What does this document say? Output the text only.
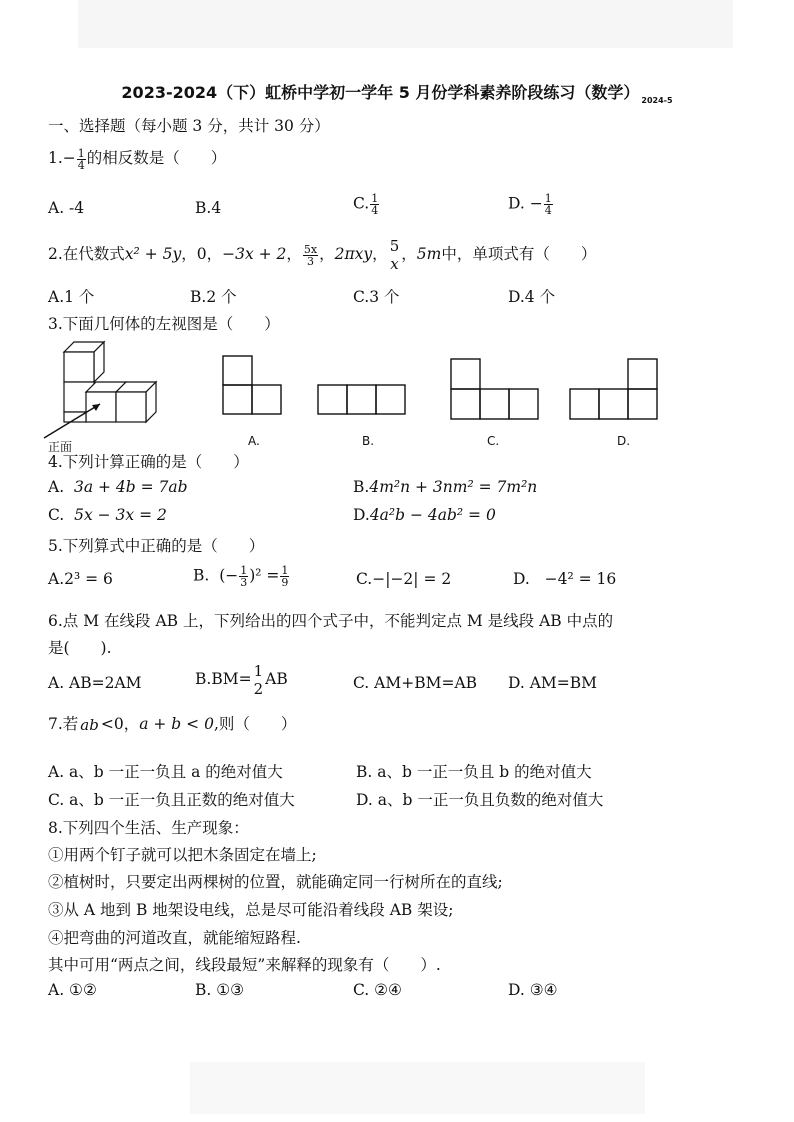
2023-2024（下）虹桥中学初一学年 5 月份学科素养阶段练习（数学） $_{2024-5}$
一、选择题（每小题 3 分，共计 30 分）
$1.- \frac{1}{4}$ 的相反数是（　　）
A. -4	B.4	C. $\frac{1}{4}$	D. − $\frac{1}{4}$
2.在代数式x² + 5y，0，−3x + 2， $\frac{5x}{3}$ ，2πxy， 5
x，5m中，单项式有（　　）
A.1 个	B.2 个	C.3 个	D.4 个
3.下面几何体的左视图是（　　）
正面	A.	B.	C.	D.
4.下列计算正确的是（　　）
A. 3a + 4b = 7ab	B.4m²n + 3nm² = 7m²n
C. 5x − 3x = 2	D.4a²b − 4ab² = 0
5.下列算式中正确的是（　　）
A.2³ = 6	B. (− $\frac{1}{3} )^2 = \frac{1}{9}$	C.−|−2| = 2	D. −4² = 16
6.点 M 在线段 AB 上，下列给出的四个式子中，不能判定点 M 是线段 AB 中点的
是(　　).
A. AB=2AM	B.BM= 1
2
AB	C. AM+BM=AB D. AM=BM
7.若 ab <0，a + b < 0,则（　　）
A. a、b 一正一负且 a 的绝对值大	B. a、b 一正一负且 b 的绝对值大
C. a、b 一正一负且正数的绝对值大	D. a、b 一正一负且负数的绝对值大
8.下列四个生活、生产现象：
①用两个钉子就可以把木条固定在墙上;
②植树时，只要定出两棵树的位置，就能确定同一行树所在的直线;
③从 A 地到 B 地架设电线，总是尽可能沿着线段 AB 架设;
④把弯曲的河道改直，就能缩短路程.
其中可用“两点之间，线段最短”来解释的现象有（　　）.
A. ①②	B. ①③	C. ②④	D. ③④
